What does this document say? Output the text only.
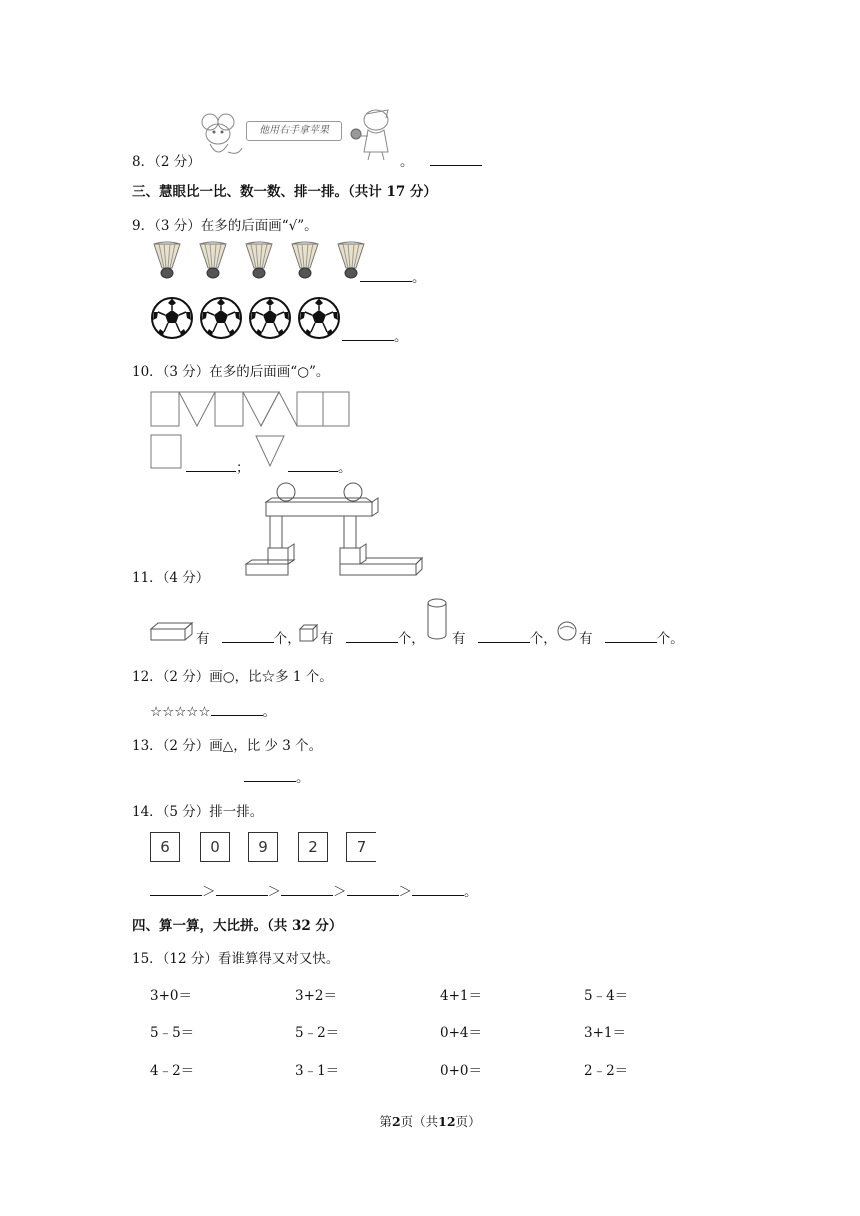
他用右手拿苹果
8．（2 分）	。
三、慧眼比一比、数一数、排一排。（共计 17 分）
9．（3 分）在多的后面画“√”。
。
。
10．（3 分）在多的后面画“○”。
；	。
11．（4 分）
有	个， 有	个， 有	个， 有	个。
12．（2 分）画○，比☆多 1 个。
☆☆☆☆☆	。
13．（2 分）画△，比 少 3 个。
。
14．（5 分）排一排。
6	0	9	2	7
＞	＞	＞	＞	。
四、算一算，大比拼。（共 32 分）
15．（12 分）看谁算得又对又快。
3+0＝	3+2＝	4+1＝	5﹣4＝
5﹣5＝	5﹣2＝	0+4＝	3+1＝
4﹣2＝	3﹣1＝	0+0＝	2﹣2＝
第2页（共12页）
